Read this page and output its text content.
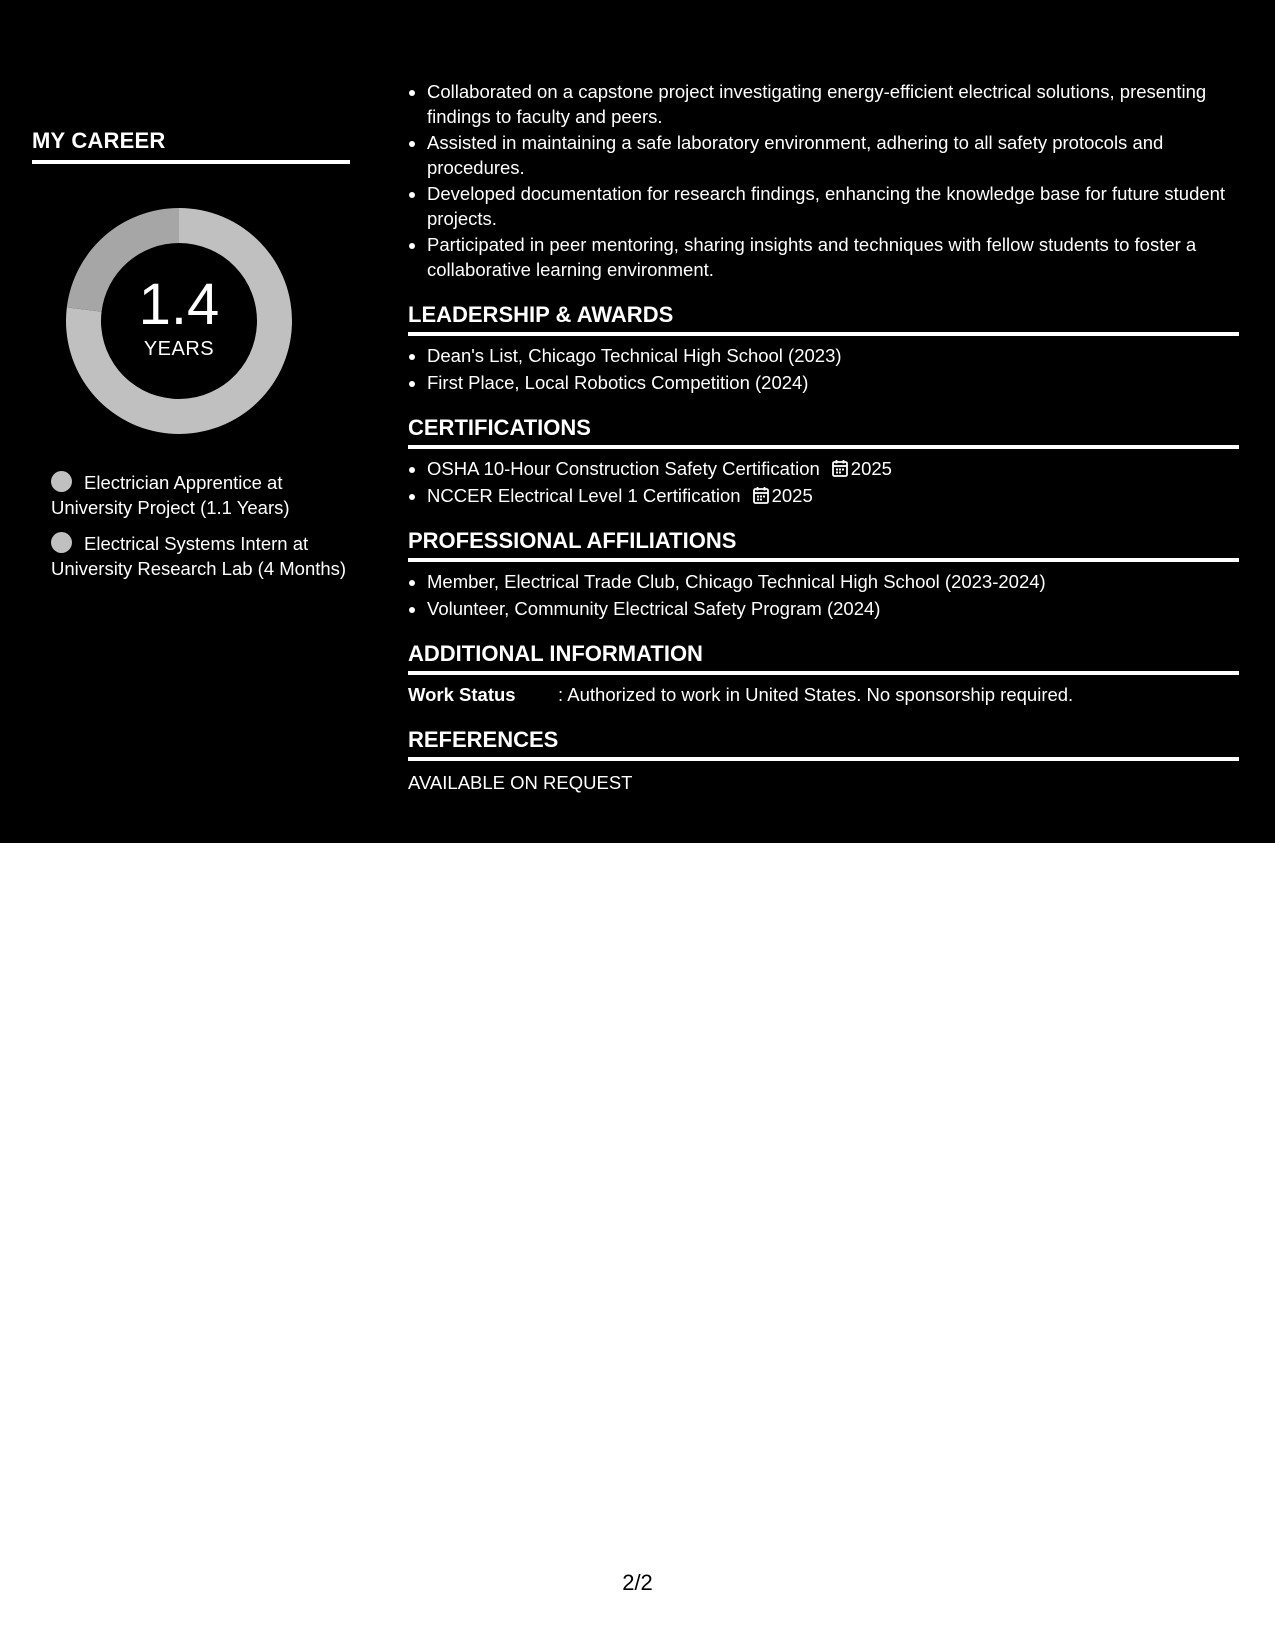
MY CAREER
1.4
YEARS
Electrician Apprentice at University Project (1.1 Years)
Electrical Systems Intern at University Research Lab (4 Months)
• Collaborated on a capstone project investigating energy-efficient electrical solutions, presenting findings to faculty and peers.
• Assisted in maintaining a safe laboratory environment, adhering to all safety protocols and procedures.
• Developed documentation for research findings, enhancing the knowledge base for future student projects.
• Participated in peer mentoring, sharing insights and techniques with fellow students to foster a collaborative learning environment.
LEADERSHIP & AWARDS
• Dean's List, Chicago Technical High School (2023)
• First Place, Local Robotics Competition (2024)
CERTIFICATIONS
• OSHA 10-Hour Construction Safety Certification 2025
• NCCER Electrical Level 1 Certification 2025
PROFESSIONAL AFFILIATIONS
• Member, Electrical Trade Club, Chicago Technical High School (2023-2024)
• Volunteer, Community Electrical Safety Program (2024)
ADDITIONAL INFORMATION
Work Status	: Authorized to work in United States. No sponsorship required.
REFERENCES
AVAILABLE ON REQUEST
2/2
